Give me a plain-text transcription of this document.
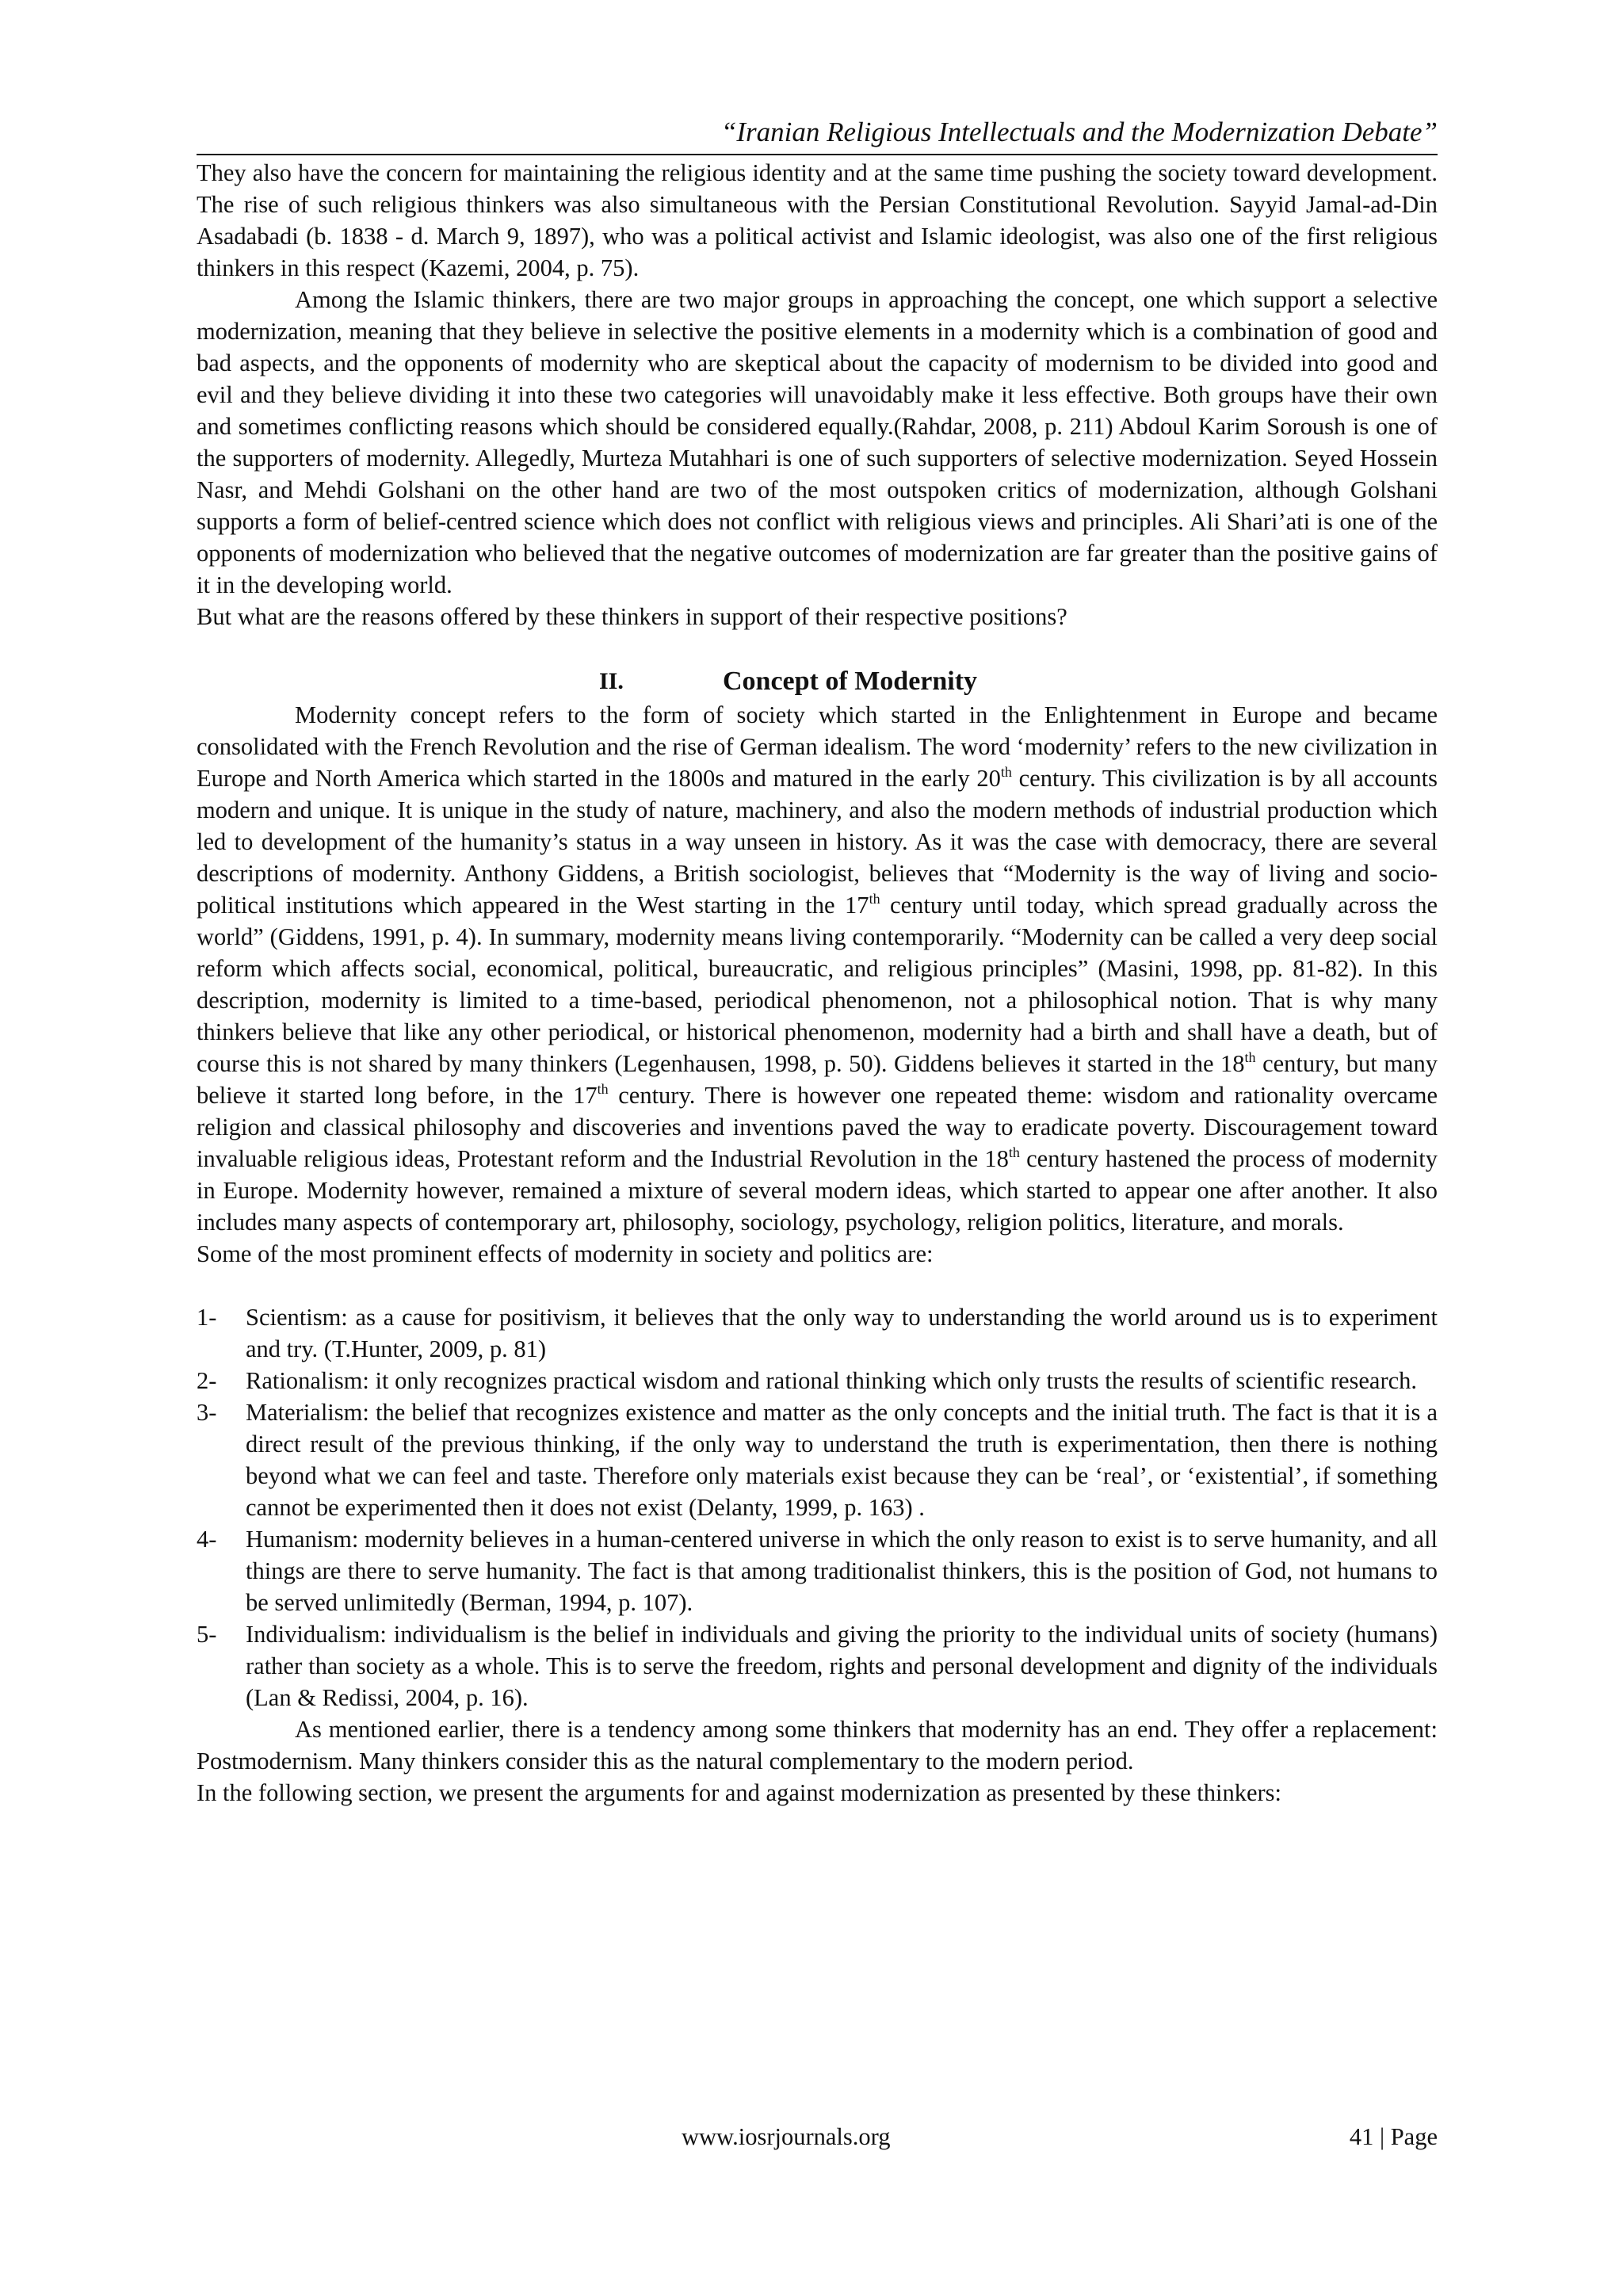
“Iranian Religious Intellectuals and the Modernization Debate”

They also have the concern for maintaining the religious identity and at the same time pushing the society toward development. The rise of such religious thinkers was also simultaneous with the Persian Constitutional Revolution. Sayyid Jamal-ad-Din Asadabadi (b. 1838 - d. March 9, 1897), who was a political activist and Islamic ideologist, was also one of the first religious thinkers in this respect (Kazemi, 2004, p. 75).

Among the Islamic thinkers, there are two major groups in approaching the concept, one which support a selective modernization, meaning that they believe in selective the positive elements in a modernity which is a combination of good and bad aspects, and the opponents of modernity who are skeptical about the capacity of modernism to be divided into good and evil and they believe dividing it into these two categories will unavoidably make it less effective. Both groups have their own and sometimes conflicting reasons which should be considered equally.(Rahdar, 2008, p. 211) Abdoul Karim Soroush is one of the supporters of modernity. Allegedly, Murteza Mutahhari is one of such supporters of selective modernization. Seyed Hossein Nasr, and Mehdi Golshani on the other hand are two of the most outspoken critics of modernization, although Golshani supports a form of belief-centred science which does not conflict with religious views and principles. Ali Shari’ati is one of the opponents of modernization who believed that the negative outcomes of modernization are far greater than the positive gains of it in the developing world.

But what are the reasons offered by these thinkers in support of their respective positions?

II.	Concept of Modernity

Modernity concept refers to the form of society which started in the Enlightenment in Europe and became consolidated with the French Revolution and the rise of German idealism. The word ‘modernity’ refers to the new civilization in Europe and North America which started in the 1800s and matured in the early 20th century. This civilization is by all accounts modern and unique. It is unique in the study of nature, machinery, and also the modern methods of industrial production which led to development of the humanity’s status in a way unseen in history. As it was the case with democracy, there are several descriptions of modernity. Anthony Giddens, a British sociologist, believes that “Modernity is the way of living and socio-political institutions which appeared in the West starting in the 17th century until today, which spread gradually across the world” (Giddens, 1991, p. 4). In summary, modernity means living contemporarily. “Modernity can be called a very deep social reform which affects social, economical, political, bureaucratic, and religious principles” (Masini, 1998, pp. 81-82). In this description, modernity is limited to a time-based, periodical phenomenon, not a philosophical notion. That is why many thinkers believe that like any other periodical, or historical phenomenon, modernity had a birth and shall have a death, but of course this is not shared by many thinkers (Legenhausen, 1998, p. 50). Giddens believes it started in the 18th century, but many believe it started long before, in the 17th century. There is however one repeated theme: wisdom and rationality overcame religion and classical philosophy and discoveries and inventions paved the way to eradicate poverty. Discouragement toward invaluable religious ideas, Protestant reform and the Industrial Revolution in the 18th century hastened the process of modernity in Europe. Modernity however, remained a mixture of several modern ideas, which started to appear one after another. It also includes many aspects of contemporary art, philosophy, sociology, psychology, religion politics, literature, and morals.

Some of the most prominent effects of modernity in society and politics are:

1- Scientism: as a cause for positivism, it believes that the only way to understanding the world around us is to experiment and try. (T.Hunter, 2009, p. 81)
2- Rationalism: it only recognizes practical wisdom and rational thinking which only trusts the results of scientific research.
3- Materialism: the belief that recognizes existence and matter as the only concepts and the initial truth. The fact is that it is a direct result of the previous thinking, if the only way to understand the truth is experimentation, then there is nothing beyond what we can feel and taste. Therefore only materials exist because they can be ‘real’, or ‘existential’, if something cannot be experimented then it does not exist (Delanty, 1999, p. 163) .
4- Humanism: modernity believes in a human-centered universe in which the only reason to exist is to serve humanity, and all things are there to serve humanity. The fact is that among traditionalist thinkers, this is the position of God, not humans to be served unlimitedly (Berman, 1994, p. 107).
5- Individualism: individualism is the belief in individuals and giving the priority to the individual units of society (humans) rather than society as a whole. This is to serve the freedom, rights and personal development and dignity of the individuals (Lan & Redissi, 2004, p. 16).

As mentioned earlier, there is a tendency among some thinkers that modernity has an end. They offer a replacement: Postmodernism. Many thinkers consider this as the natural complementary to the modern period.

In the following section, we present the arguments for and against modernization as presented by these thinkers:

www.iosrjournals.org	41 | Page
